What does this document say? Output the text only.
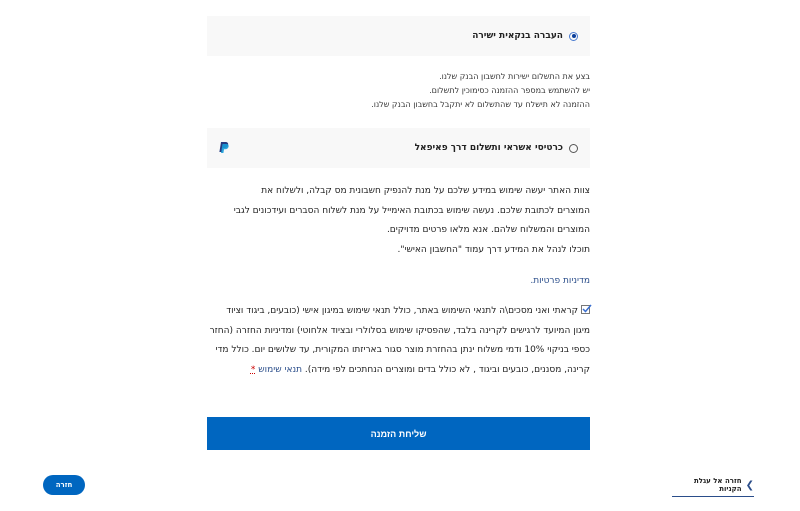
העברה בנקאית ישירה
בצע את התשלום ישירות לחשבון הבנק שלנו.
יש להשתמש במספר ההזמנה כסימוכין לתשלום.
ההזמנה לא תישלח עד שהתשלום לא יתקבל בחשבון הבנק שלנו.
כרטיסי אשראי ותשלום דרך פאיפאל
צוות האתר יעשה שימוש במידע שלכם על מנת להנפיק חשבונית מס קבלה, ולשלוח את
המוצרים לכתובת שלכם. נעשה שימוש בכתובת האימייל על מנת לשלוח הסברים ועידכונים לגבי
המוצרים והמשלוח שלהם. אנא מלאו פרטים מדויקים.
תוכלו לנהל את המידע דרך עמוד "החשבון האישי".
מדיניות פרטיות.
קראתי ואני מסכים\ה לתנאי השימוש באתר, כולל תנאי שימוש במיגון אישי (כובעים, ביגוד וציוד מיגון המיועד לרגישים לקרינה בלבד, שהפסיקו שימוש בסלולרי ובציוד אלחוטי) ומדיניות החזרה (החזר כספי בניקוי 10% ודמי משלוח ינתן בהחזרת מוצר סגור באריזתו המקורית, עד שלושים יום. כולל מדי קרינה, מסננים, כובעים וביגוד , לא כולל בדים ומוצרים הנחתכים לפי מידה). תנאי שימוש *
שליחת הזמנה
חזרה	❯
חזרה אל עגלת הקניות
